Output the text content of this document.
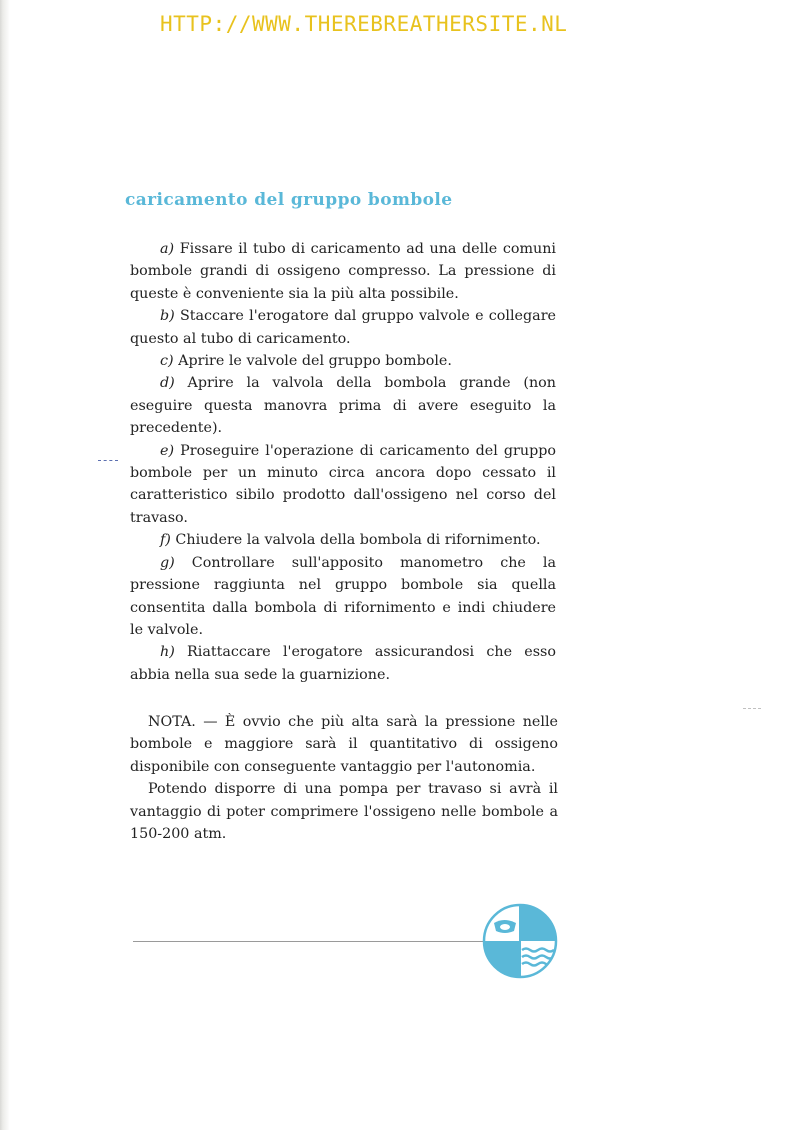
HTTP://WWW.THEREBREATHERSITE.NL
caricamento del gruppo bombole

a) Fissare il tubo di caricamento ad una delle comuni bombole grandi di ossigeno compresso. La pressione di queste è conveniente sia la più alta possibile.

b) Staccare l'erogatore dal gruppo valvole e collegare questo al tubo di caricamento.

c) Aprire le valvole del gruppo bombole.

d) Aprire la valvola della bombola grande (non eseguire questa manovra prima di avere eseguito la precedente).

e) Proseguire l'operazione di caricamento del gruppo bombole per un minuto circa ancora dopo cessato il caratteristico sibilo prodotto dall'ossigeno nel corso del travaso.

f) Chiudere la valvola della bombola di rifornimento.

g) Controllare sull'apposito manometro che la pressione raggiunta nel gruppo bombole sia quella consentita dalla bombola di rifornimento e indi chiudere le valvole.

h) Riattaccare l'erogatore assicurandosi che esso abbia nella sua sede la guarnizione.

NOTA. — È ovvio che più alta sarà la pressione nelle bombole e maggiore sarà il quantitativo di ossigeno disponibile con conseguente vantaggio per l'autonomia.

Potendo disporre di una pompa per travaso si avrà il vantaggio di poter comprimere l'ossigeno nelle bombole a 150-200 atm.
